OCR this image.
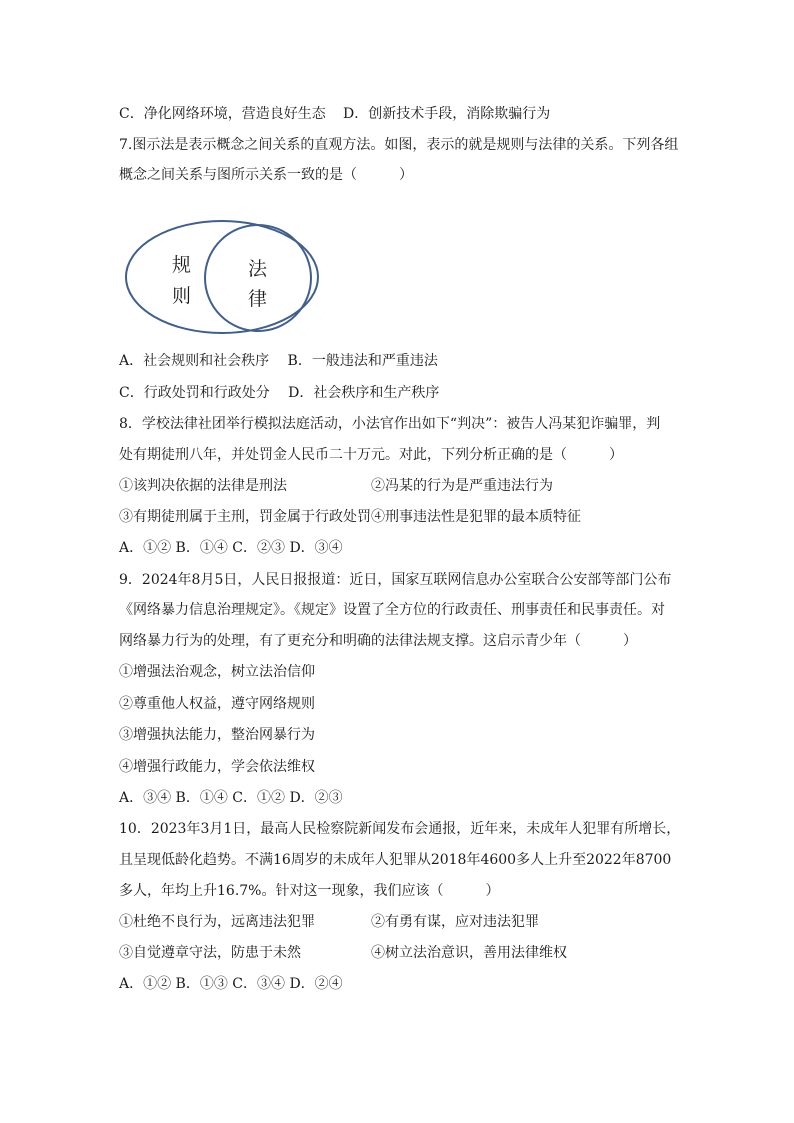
C．净化网络环境，营造良好生态 D．创新技术手段，消除欺骗行为
7.图示法是表示概念之间关系的直观方法。如图，表示的就是规则与法律的关系。下列各组
概念之间关系与图所示关系一致的是（　　　）
规
则
法
律
A．社会规则和社会秩序　 B．一般违法和严重违法
C．行政处罚和行政处分　 D．社会秩序和生产秩序
8．学校法律社团举行模拟法庭活动，小法官作出如下“判决”：被告人冯某犯诈骗罪，判
处有期徒刑八年，并处罚金人民币二十万元。对此，下列分析正确的是（　　　）
①该判决依据的法律是刑法	②冯某的行为是严重违法行为
③有期徒刑属于主刑，罚金属于行政处罚 ④刑事违法性是犯罪的最本质特征
A．①② B．①④ C．②③ D．③④
9．2024年8月5日，人民日报报道：近日，国家互联网信息办公室联合公安部等部门公布
《网络暴力信息治理规定》。《规定》设置了全方位的行政责任、刑事责任和民事责任。对
网络暴力行为的处理，有了更充分和明确的法律法规支撑。这启示青少年（　　　）
①增强法治观念，树立法治信仰
②尊重他人权益，遵守网络规则
③增强执法能力，整治网暴行为
④增强行政能力，学会依法维权
A．③④ B．①④ C．①② D．②③
10．2023年3月1日，最高人民检察院新闻发布会通报，近年来，未成年人犯罪有所增长，
且呈现低龄化趋势。不满16周岁的未成年人犯罪从2018年4600多人上升至2022年8700
多人，年均上升16.7%。针对这一现象，我们应该（　　　）
①杜绝不良行为，远离违法犯罪	②有勇有谋，应对违法犯罪
③自觉遵章守法，防患于未然	④树立法治意识，善用法律维权
A．①② B．①③ C．③④ D．②④
